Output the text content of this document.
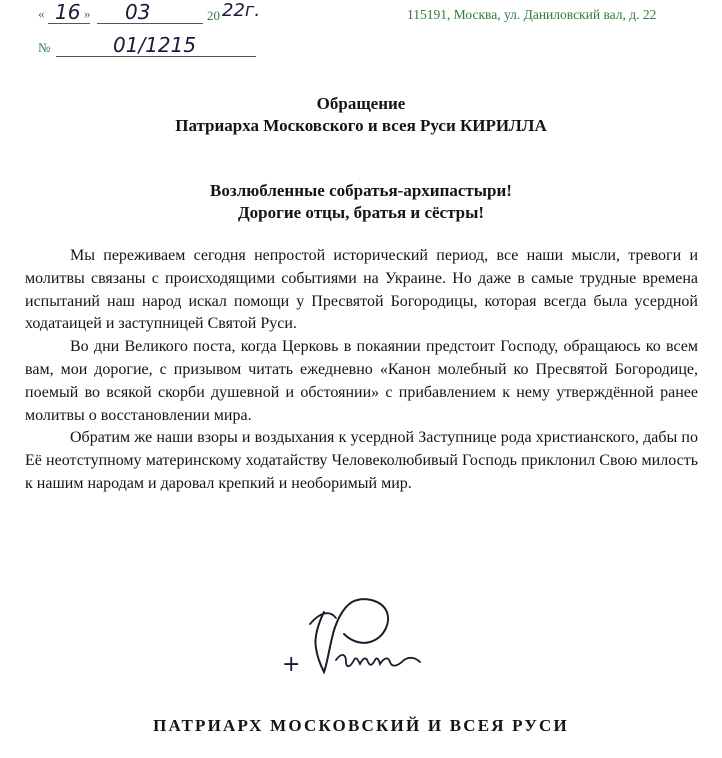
« 16 » 03	20 22г.
№	01/1215
115191, Москва, ул. Даниловский вал, д. 22
Обращение
Патриарха Московского и всея Руси КИРИЛЛА
Возлюбленные собратья-архипастыри!
Дорогие отцы, братья и сёстры!

Мы переживаем сегодня непростой исторический период, все наши мысли, тревоги и молитвы связаны с происходящими событиями на Украине. Но даже в самые трудные времена испытаний наш народ искал помощи у Пресвятой Богородицы, которая всегда была усердной ходатаицей и заступницей Святой Руси.

Во дни Великого поста, когда Церковь в покаянии предстоит Господу, обращаюсь ко всем вам, мои дорогие, с призывом читать ежедневно «Канон молебный ко Пресвятой Богородице, поемый во всякой скорби душевной и обстоянии» с прибавлением к нему утверждённой ранее молитвы о восстановлении мира.

Обратим же наши взоры и воздыхания к усердной Заступнице рода христианского, дабы по Её неотступному материнскому ходатайству Человеколюбивый Господь приклонил Свою милость к нашим народам и даровал крепкий и необоримый мир.

+
ПАТРИАРХ МОСКОВСКИЙ И ВСЕЯ РУСИ
